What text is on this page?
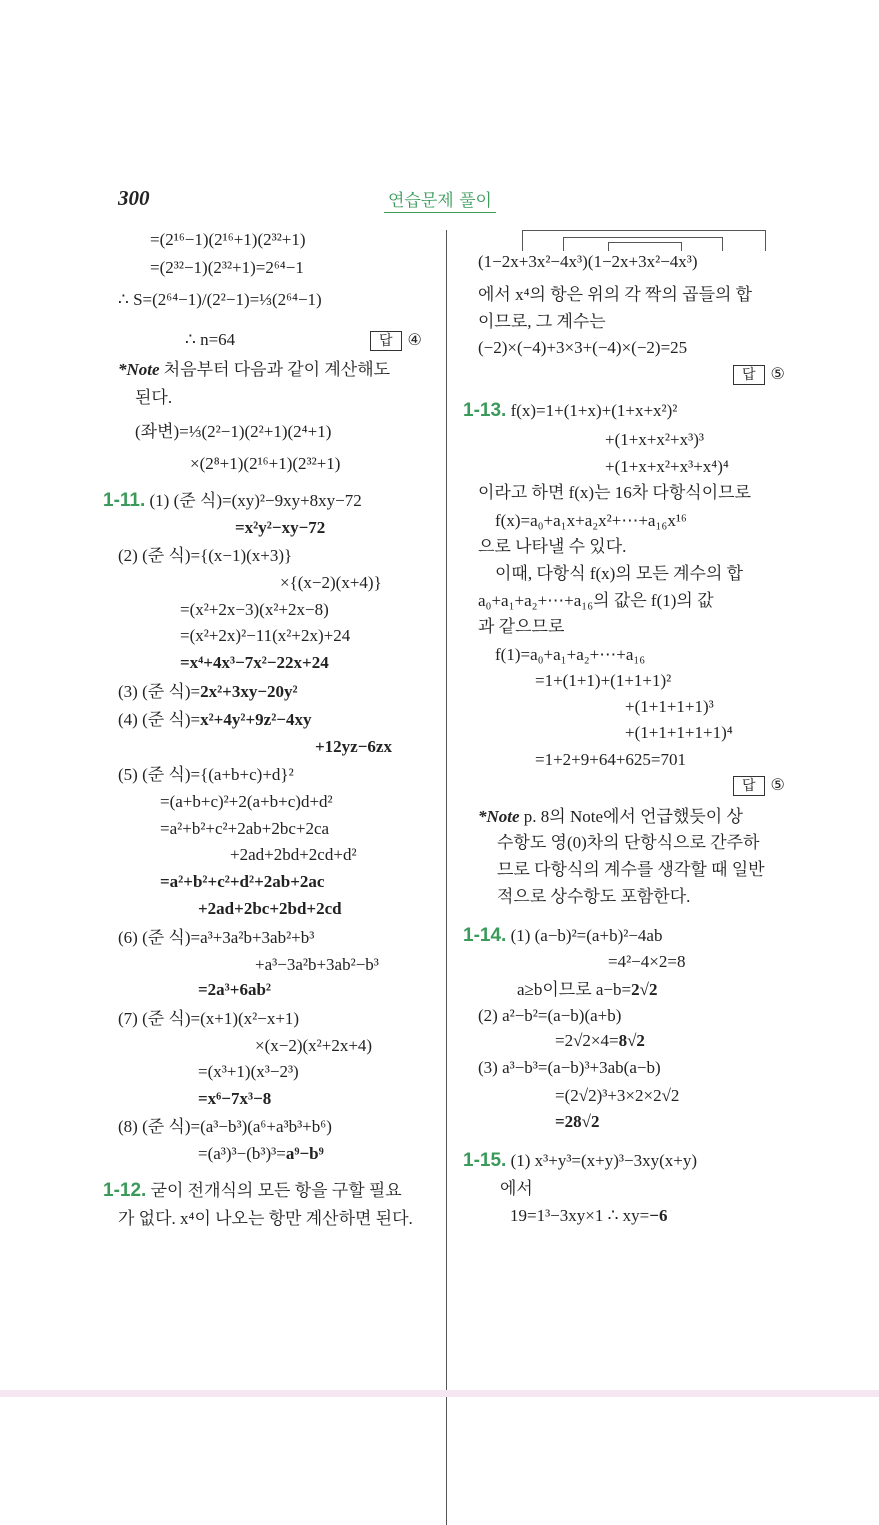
300	연습문제 풀이
=(2¹⁶−1)(2¹⁶+1)(2³²+1)
=(2³²−1)(2³²+1)=2⁶⁴−1
∴ S=(2⁶⁴−1)/(2²−1)=⅓(2⁶⁴−1)
∴ n=64	답 ④
*Note 처음부터 다음과 같이 계산해도
된다.
(좌변)=⅓(2²−1)(2²+1)(2⁴+1)
×(2⁸+1)(2¹⁶+1)(2³²+1)
1-11. (1) (준 식)=(xy)²−9xy+8xy−72
=x²y²−xy−72
(2) (준 식)={(x−1)(x+3)}
×{(x−2)(x+4)}
=(x²+2x−3)(x²+2x−8)
=(x²+2x)²−11(x²+2x)+24
=x⁴+4x³−7x²−22x+24
(3) (준 식)=2x²+3xy−20y²
(4) (준 식)=x²+4y²+9z²−4xy
+12yz−6zx
(5) (준 식)={(a+b+c)+d}²
=(a+b+c)²+2(a+b+c)d+d²
=a²+b²+c²+2ab+2bc+2ca
+2ad+2bd+2cd+d²
=a²+b²+c²+d²+2ab+2ac
+2ad+2bc+2bd+2cd
(6) (준 식)=a³+3a²b+3ab²+b³
+a³−3a²b+3ab²−b³
=2a³+6ab²
(7) (준 식)=(x+1)(x²−x+1)
×(x−2)(x²+2x+4)
=(x³+1)(x³−2³)
=x⁶−7x³−8
(8) (준 식)=(a³−b³)(a⁶+a³b³+b⁶)
=(a³)³−(b³)³=a⁹−b⁹
1-12. 굳이 전개식의 모든 항을 구할 필요
가 없다. x⁴이 나오는 항만 계산하면 된다.
(1−2x+3x²−4x³)(1−2x+3x²−4x³)
에서 x⁴의 항은 위의 각 짝의 곱들의 합
이므로, 그 계수는
(−2)×(−4)+3×3+(−4)×(−2)=25
답 ⑤
1-13. f(x)=1+(1+x)+(1+x+x²)²
+(1+x+x²+x³)³
+(1+x+x²+x³+x⁴)⁴
이라고 하면 f(x)는 16차 다항식이므로
f(x)=a₀+a₁x+a₂x²+⋯+a₁₆x¹⁶
으로 나타낼 수 있다.
이때, 다항식 f(x)의 모든 계수의 합
a₀+a₁+a₂+⋯+a₁₆의 값은 f(1)의 값
과 같으므로
f(1)=a₀+a₁+a₂+⋯+a₁₆
=1+(1+1)+(1+1+1)²
+(1+1+1+1)³
+(1+1+1+1+1)⁴
=1+2+9+64+625=701
답 ⑤
*Note p. 8의 Note에서 언급했듯이 상
수항도 영(0)차의 단항식으로 간주하
므로 다항식의 계수를 생각할 때 일반
적으로 상수항도 포함한다.
1-14. (1) (a−b)²=(a+b)²−4ab
=4²−4×2=8
a≥b이므로 a−b=2√2
(2) a²−b²=(a−b)(a+b)
=2√2×4=8√2
(3) a³−b³=(a−b)³+3ab(a−b)
=(2√2)³+3×2×2√2
=28√2
1-15. (1) x³+y³=(x+y)³−3xy(x+y)
에서
19=1³−3xy×1 ∴ xy=−6
